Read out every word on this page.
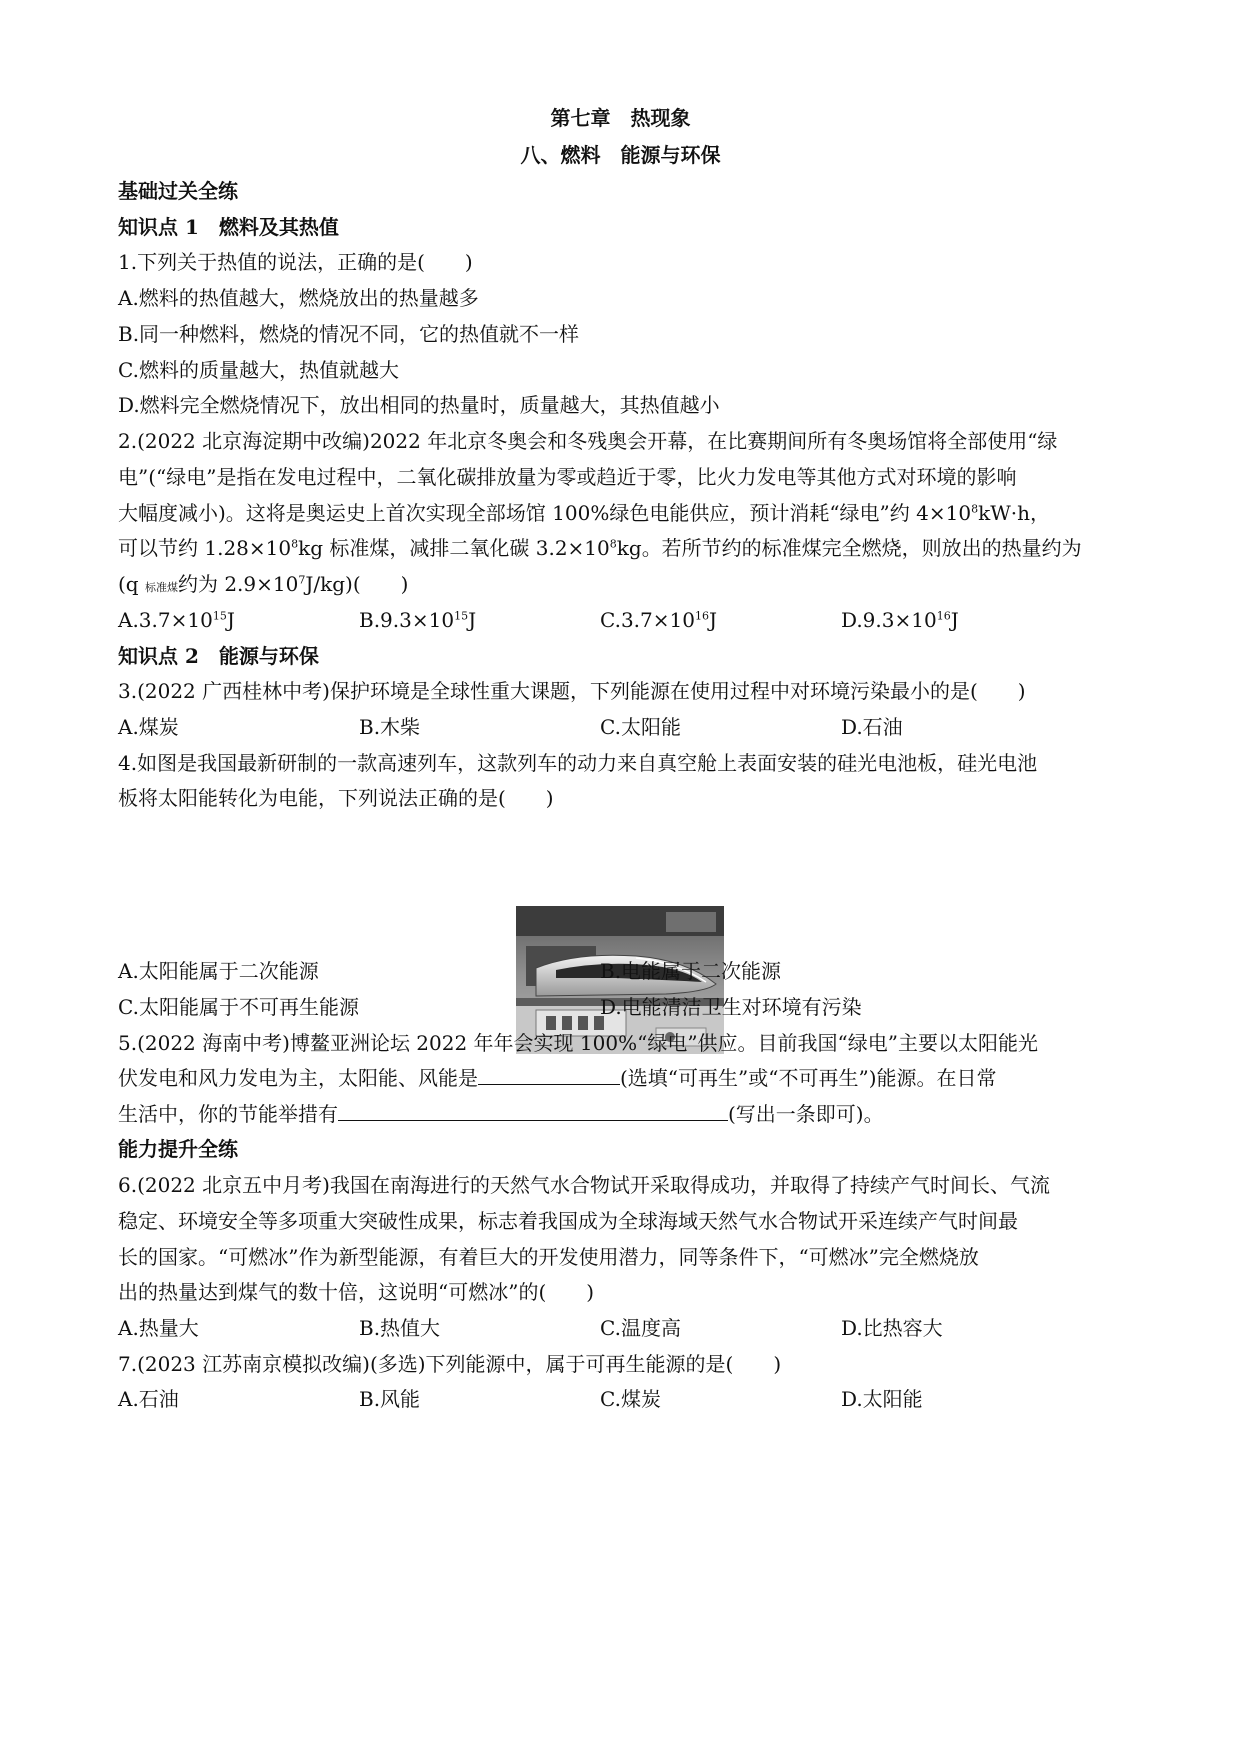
第七章　热现象
八、燃料　能源与环保
基础过关全练
知识点 1　燃料及其热值
1.下列关于热值的说法，正确的是(　　)
A.燃料的热值越大，燃烧放出的热量越多
B.同一种燃料，燃烧的情况不同，它的热值就不一样
C.燃料的质量越大，热值就越大
D.燃料完全燃烧情况下，放出相同的热量时，质量越大，其热值越小
2.(2022 北京海淀期中改编)2022 年北京冬奥会和冬残奥会开幕，在比赛期间所有冬奥场馆将全部使用“绿
电”(“绿电”是指在发电过程中，二氧化碳排放量为零或趋近于零，比火力发电等其他方式对环境的影响
大幅度减小)。这将是奥运史上首次实现全部场馆 100%绿色电能供应，预计消耗“绿电”约 $4\times 10^8kW\cdot h$，
可以节约 $1.28\times 10^8kg$ 标准煤，减排二氧化碳 $3.2\times 10^8kg$。若所节约的标准煤完全燃烧，则放出的热量约为
(q 标准煤约为 $2.9\times 10^7J/kg$)(　　)
$A.3.7\times 10^{15}J$	$B.9.3\times 10^{15}J$	$C.3.7\times 10^{16}J$	$D.9.3\times 10^{16}J$
知识点 2　能源与环保
3.(2022 广西桂林中考)保护环境是全球性重大课题，下列能源在使用过程中对环境污染最小的是(　　)
A.煤炭	B.木柴	C.太阳能	D.石油
4.如图是我国最新研制的一款高速列车，这款列车的动力来自真空舱上表面安装的硅光电池板，硅光电池
板将太阳能转化为电能，下列说法正确的是(　　)
A.太阳能属于二次能源	B.电能属于二次能源
C.太阳能属于不可再生能源	D.电能清洁卫生对环境有污染
5.(2022 海南中考)博鳌亚洲论坛 2022 年年会实现 100%“绿电”供应。目前我国“绿电”主要以太阳能光
伏发电和风力发电为主，太阳能、风能是	(选填“可再生”或“不可再生”)能源。在日常
生活中，你的节能举措有	(写出一条即可)。
能力提升全练
6.(2022 北京五中月考)我国在南海进行的天然气水合物试开采取得成功，并取得了持续产气时间长、气流
稳定、环境安全等多项重大突破性成果，标志着我国成为全球海域天然气水合物试开采连续产气时间最
长的国家。“可燃冰”作为新型能源，有着巨大的开发使用潜力，同等条件下，“可燃冰”完全燃烧放
出的热量达到煤气的数十倍，这说明“可燃冰”的(　　)
A.热量大	B.热值大	C.温度高	D.比热容大
7.(2023 江苏南京模拟改编)(多选)下列能源中，属于可再生能源的是(　　)
A.石油	B.风能	C.煤炭	D.太阳能
